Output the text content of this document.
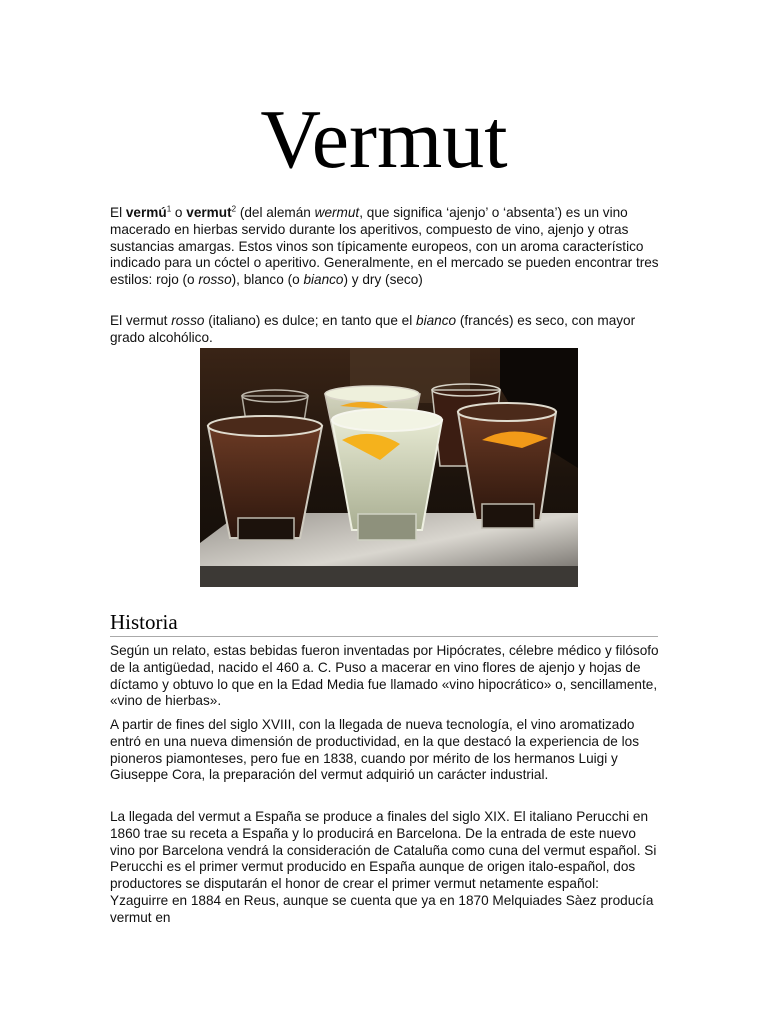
Vermut

El vermú$^1$ o vermut$^2$ (del alemán wermut, que significa ‘ajenjo’ o ‘absenta’) es un vino macerado en hierbas servido durante los aperitivos, compuesto de vino, ajenjo y otras sustancias amargas. Estos vinos son típicamente europeos, con un aroma característico indicado para un cóctel o aperitivo. Generalmente, en el mercado se pueden encontrar tres estilos: rojo (o rosso), blanco (o bianco) y dry (seco)

El vermut rosso (italiano) es dulce; en tanto que el bianco (francés) es seco, con mayor grado alcohólico.

Historia

Según un relato, estas bebidas fueron inventadas por Hipócrates, célebre médico y filósofo de la antigüedad, nacido el 460 a. C. Puso a macerar en vino flores de ajenjo y hojas de díctamo y obtuvo lo que en la Edad Media fue llamado «vino hipocrático» o, sencillamente, «vino de hierbas».

A partir de fines del siglo XVIII, con la llegada de nueva tecnología, el vino aromatizado entró en una nueva dimensión de productividad, en la que destacó la experiencia de los pioneros piamonteses, pero fue en 1838, cuando por mérito de los hermanos Luigi y Giuseppe Cora, la preparación del vermut adquirió un carácter industrial.

La llegada del vermut a España se produce a finales del siglo XIX. El italiano Perucchi en 1860 trae su receta a España y lo producirá en Barcelona. De la entrada de este nuevo vino por Barcelona vendrá la consideración de Cataluña como cuna del vermut español. Si Perucchi es el primer vermut producido en España aunque de origen italo-español, dos productores se disputarán el honor de crear el primer vermut netamente español: Yzaguirre en 1884 en Reus, aunque se cuenta que ya en 1870 Melquiades Sàez producía vermut en
